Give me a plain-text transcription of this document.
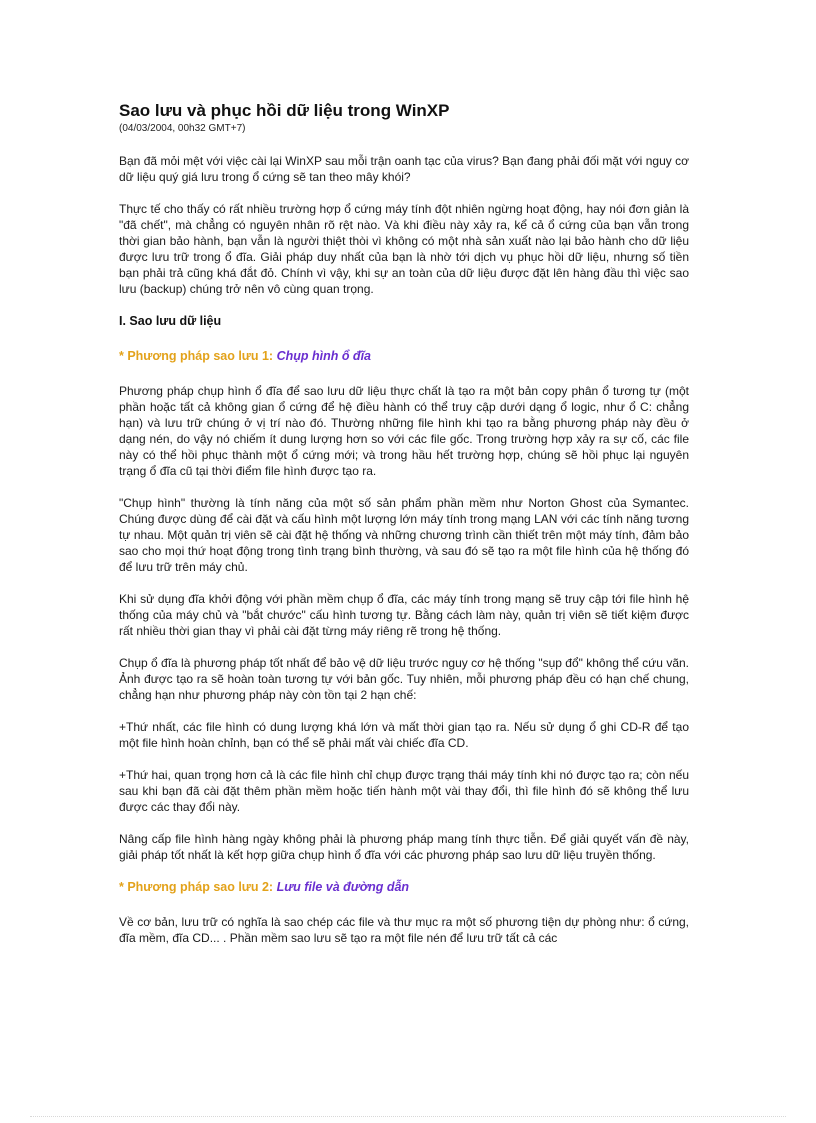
Sao lưu và phục hồi dữ liệu trong WinXP
(04/03/2004, 00h32 GMT+7)

Bạn đã mỏi mệt với việc cài lại WinXP sau mỗi trận oanh tạc của virus? Bạn đang phải đối mặt với nguy cơ dữ liệu quý giá lưu trong ổ cứng sẽ tan theo mây khói?

Thực tế cho thấy có rất nhiều trường hợp ổ cứng máy tính đột nhiên ngừng hoạt động, hay nói đơn giản là "đã chết", mà chẳng có nguyên nhân rõ rệt nào. Và khi điều này xảy ra, kể cả ổ cứng của bạn vẫn trong thời gian bảo hành, bạn vẫn là người thiệt thòi vì không có một nhà sản xuất nào lại bảo hành cho dữ liệu được lưu trữ trong ổ đĩa. Giải pháp duy nhất của bạn là nhờ tới dịch vụ phục hồi dữ liệu, nhưng số tiền bạn phải trả cũng khá đắt đỏ. Chính vì vậy, khi sự an toàn của dữ liệu được đặt lên hàng đầu thì việc sao lưu (backup) chúng trở nên vô cùng quan trọng.

I. Sao lưu dữ liệu
* Phương pháp sao lưu 1: Chụp hình ổ đĩa

Phương pháp chụp hình ổ đĩa để sao lưu dữ liệu thực chất là tạo ra một bản copy phân ổ tương tự (một phần hoặc tất cả không gian ổ cứng để hệ điều hành có thể truy cập dưới dạng ổ logic, như ổ C: chẳng hạn) và lưu trữ chúng ở vị trí nào đó. Thường những file hình khi tạo ra bằng phương pháp này đều ở dạng nén, do vậy nó chiếm ít dung lượng hơn so với các file gốc. Trong trường hợp xảy ra sự cố, các file này có thể hồi phục thành một ổ cứng mới; và trong hầu hết trường hợp, chúng sẽ hồi phục lại nguyên trạng ổ đĩa cũ tại thời điểm file hình được tạo ra.

"Chụp hình" thường là tính năng của một số sản phẩm phần mềm như Norton Ghost của Symantec. Chúng được dùng để cài đặt và cấu hình một lượng lớn máy tính trong mạng LAN với các tính năng tương tự nhau. Một quản trị viên sẽ cài đặt hệ thống và những chương trình cần thiết trên một máy tính, đảm bảo sao cho mọi thứ hoạt động trong tình trạng bình thường, và sau đó sẽ tạo ra một file hình của hệ thống đó để lưu trữ trên máy chủ.

Khi sử dụng đĩa khởi động với phần mềm chụp ổ đĩa, các máy tính trong mạng sẽ truy cập tới file hình hệ thống của máy chủ và "bắt chước" cấu hình tương tự. Bằng cách làm này, quản trị viên sẽ tiết kiệm được rất nhiều thời gian thay vì phải cài đặt từng máy riêng rẽ trong hệ thống.

Chụp ổ đĩa là phương pháp tốt nhất để bảo vệ dữ liệu trước nguy cơ hệ thống "sụp đổ" không thể cứu vãn. Ảnh được tạo ra sẽ hoàn toàn tương tự với bản gốc. Tuy nhiên, mỗi phương pháp đều có hạn chế chung, chẳng hạn như phương pháp này còn tồn tại 2 hạn chế:

+Thứ nhất, các file hình có dung lượng khá lớn và mất thời gian tạo ra. Nếu sử dụng ổ ghi CD-R để tạo một file hình hoàn chỉnh, bạn có thể sẽ phải mất vài chiếc đĩa CD.

+Thứ hai, quan trọng hơn cả là các file hình chỉ chụp được trạng thái máy tính khi nó được tạo ra; còn nếu sau khi bạn đã cài đặt thêm phần mềm hoặc tiến hành một vài thay đổi, thì file hình đó sẽ không thể lưu được các thay đổi này.

Nâng cấp file hình hàng ngày không phải là phương pháp mang tính thực tiễn. Để giải quyết vấn đề này, giải pháp tốt nhất là kết hợp giữa chụp hình ổ đĩa với các phương pháp sao lưu dữ liệu truyền thống.

* Phương pháp sao lưu 2: Lưu file và đường dẫn

Về cơ bản, lưu trữ có nghĩa là sao chép các file và thư mục ra một số phương tiện dự phòng như: ổ cứng, đĩa mềm, đĩa CD... . Phần mềm sao lưu sẽ tạo ra một file nén để lưu trữ tất cả các
